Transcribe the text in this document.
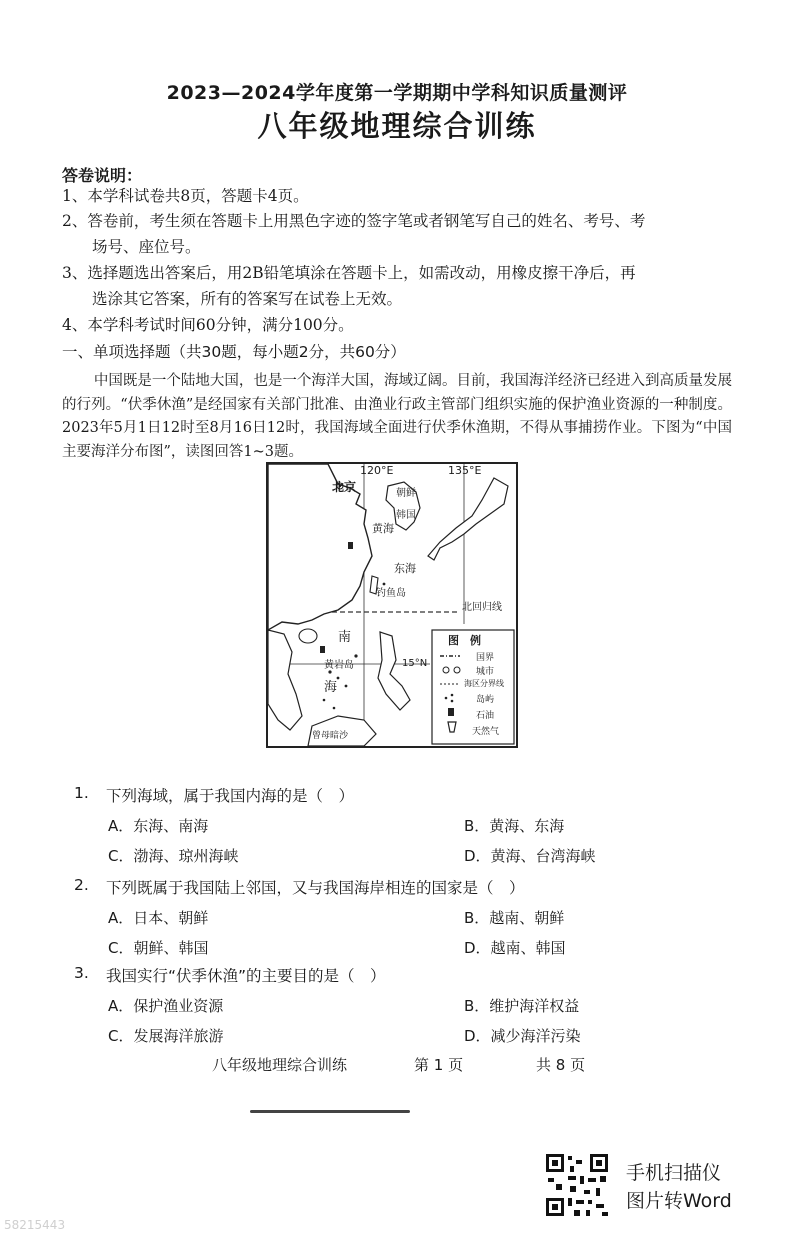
2023—2024学年度第一学期期中学科知识质量测评
八年级地理综合训练
答卷说明：
1、本学科试卷共8页，答题卡4页。
2、答卷前，考生须在答题卡上用黑色字迹的签字笔或者钢笔写自己的姓名、考号、考
场号、座位号。
3、选择题选出答案后，用2B铅笔填涂在答题卡上，如需改动，用橡皮擦干净后，再
选涂其它答案，所有的答案写在试卷上无效。
4、本学科考试时间60分钟，满分100分。
一、单项选择题（共30题，每小题2分，共60分）
中国既是一个陆地大国，也是一个海洋大国，海域辽阔。目前，我国海洋经济已经进入到高质量发展的行列。“伏季休渔”是经国家有关部门批准、由渔业行政主管部门组织实施的保护渔业资源的一种制度。2023年5月1日12时至8月16日12时，我国海域全面进行伏季休渔期，不得从事捕捞作业。下图为“中国主要海洋分布图”，读图回答1~3题。
120°E	135°E
北京	朝鲜
韩国
黄海
东海
钓鱼岛
北回归线
南
黄岩岛	15°N
海
曾母暗沙
图　例
国界
城市
海区分界线
岛屿
石油
天然气
1. 下列海域，属于我国内海的是（　）
A．东海、南海	B．黄海、东海
C．渤海、琼州海峡	D．黄海、台湾海峡
2. 下列既属于我国陆上邻国，又与我国海岸相连的国家是（　）
A．日本、朝鲜	B．越南、朝鲜
C．朝鲜、韩国	D．越南、韩国
3. 我国实行“伏季休渔”的主要目的是（　）
A．保护渔业资源	B．维护海洋权益
C．发展海洋旅游	D．减少海洋污染
八年级地理综合训练	第 1 页	共 8 页
手机扫描仪
图片转Word
58215443
